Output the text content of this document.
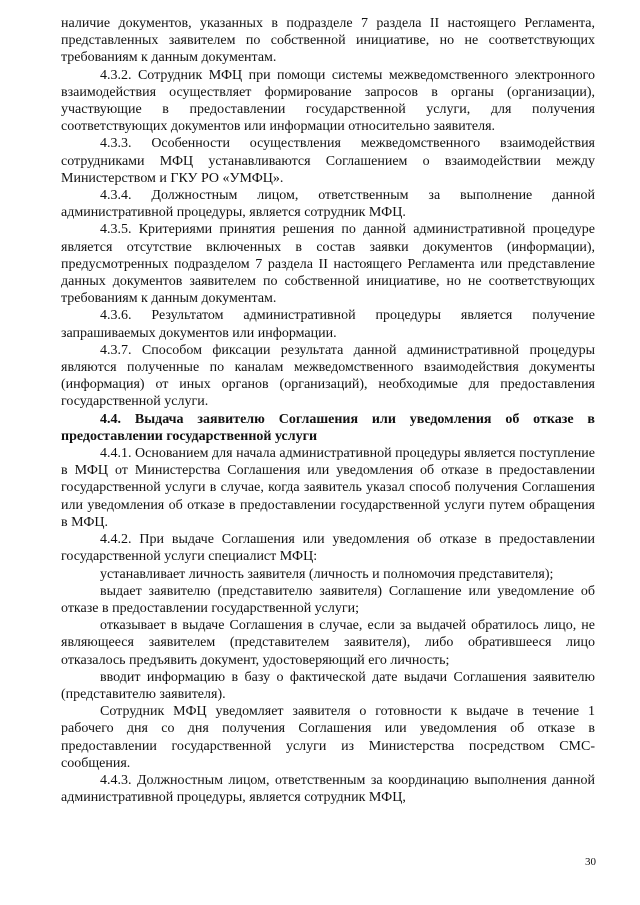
наличие документов, указанных в подразделе 7 раздела II настоящего Регламента, представленных заявителем по собственной инициативе, но не соответствующих требованиям к данным документам.

4.3.2. Сотрудник МФЦ при помощи системы межведомственного электронного взаимодействия осуществляет формирование запросов в органы (организации), участвующие в предоставлении государственной услуги, для получения соответствующих документов или информации относительно заявителя.

4.3.3. Особенности осуществления межведомственного взаимодействия сотрудниками МФЦ устанавливаются Соглашением о взаимодействии между Министерством и ГКУ РО «УМФЦ».

4.3.4. Должностным лицом, ответственным за выполнение данной административной процедуры, является сотрудник МФЦ.

4.3.5. Критериями принятия решения по данной административной процедуре является отсутствие включенных в состав заявки документов (информации), предусмотренных подразделом 7 раздела II настоящего Регламента или представление данных документов заявителем по собственной инициативе, но не соответствующих требованиям к данным документам.

4.3.6. Результатом административной процедуры является получение запрашиваемых документов или информации.

4.3.7. Способом фиксации результата данной административной процедуры являются полученные по каналам межведомственного взаимодействия документы (информация) от иных органов (организаций), необходимые для предоставления государственной услуги.

4.4. Выдача заявителю Соглашения или уведомления об отказе в предоставлении государственной услуги

4.4.1. Основанием для начала административной процедуры является поступление в МФЦ от Министерства Соглашения или уведомления об отказе в предоставлении государственной услуги в случае, когда заявитель указал способ получения Соглашения или уведомления об отказе в предоставлении государственной услуги путем обращения в МФЦ.

4.4.2. При выдаче Соглашения или уведомления об отказе в предоставлении государственной услуги специалист МФЦ:

устанавливает личность заявителя (личность и полномочия представителя);

выдает заявителю (представителю заявителя) Соглашение или уведомление об отказе в предоставлении государственной услуги;

отказывает в выдаче Соглашения в случае, если за выдачей обратилось лицо, не являющееся заявителем (представителем заявителя), либо обратившееся лицо отказалось предъявить документ, удостоверяющий его личность;

вводит информацию в базу о фактической дате выдачи Соглашения заявителю (представителю заявителя).

Сотрудник МФЦ уведомляет заявителя о готовности к выдаче в течение 1 рабочего дня со дня получения Соглашения или уведомления об отказе в предоставлении государственной услуги из Министерства посредством СМС-сообщения.

4.4.3. Должностным лицом, ответственным за координацию выполнения данной административной процедуры, является сотрудник МФЦ,

30
